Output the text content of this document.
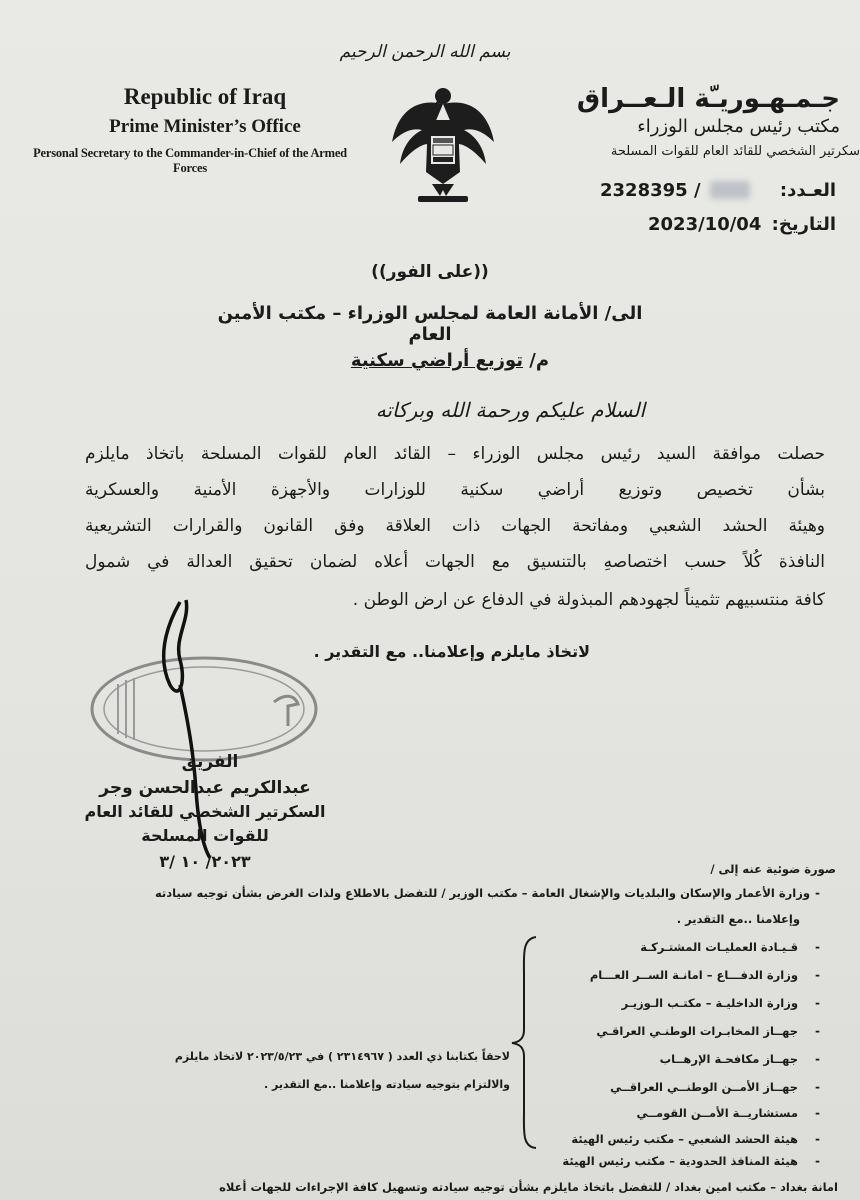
بسم الله الرحمن الرحيم
Republic of Iraq
Prime Minister’s Office
Personal Secretary to the Commander-in-Chief of the Armed Forces
جـمـهـوريـّة الـعــراق
مكتب رئيس مجلس الوزراء
سكرتير الشخصي للقائد العام للقوات المسلحة
العـدد:
2328395 /
التاريخ:
2023/10/04
((على الفور))
الى/ الأمانة العامة لمجلس الوزراء – مكتب الأمين العام
م/ توزيع أراضي سكنية
السلام عليكم ورحمة الله وبركاته
حصلت موافقة السيد رئيس مجلس الوزراء – القائد العام للقوات المسلحة باتخاذ مايلزم
بشأن تخصيص وتوزيع أراضي سكنية للوزارات والأجهزة الأمنية والعسكرية
وهيئة الحشد الشعبي ومفاتحة الجهات ذات العلاقة وفق القانون والقرارات التشريعية
النافذة كُلاً حسب اختصاصهِ بالتنسيق مع الجهات أعلاه لضمان تحقيق العدالة في شمول
كافة منتسبيهم تثميناً لجهودهم المبذولة في الدفاع عن ارض الوطن .
لاتخاذ مايلزم وإعلامنا.. مع التقدير .
الفريق
عبدالكريم عبدالحسن وجر
السكرتير الشخصي للقائد العام
للقوات المسلحة
٢٠٢٣/ ١٠ /٣	صورة ضوئية عنه إلى /
-
وزارة الأعمار والإسكان والبلديات والإشغال العامة – مكتب الوزير / للتفضل بالاطلاع ولذات الغرض بشأن توجيه سيادته
وإعلامنا ..مع التقدير .
-
قـيـادة العمليـات المشتـركـة
-
وزارة الدفـــاع – امانـة الســر العـــام
-
وزارة الداخليـة – مكتـب الـوزيـر
-
جهــاز المخابـرات الوطنـي العراقـي
-
جهــاز مكافحـة الإرهــاب
-
جهــاز الأمــن الوطنــي العراقــي
-
مستشاريــة الأمــن القومــي
-
هيئة الحشد الشعبي – مكتب رئيس الهيئة
-
هيئة المنافذ الحدودية – مكتب رئيس الهيئة
لاحقاً بكتابنا ذي العدد ( ٢٣١٤٩٦٧ ) في ٢٠٢٣/٥/٢٣ لاتخاذ مايلزم
والالتزام بتوجيه سيادته وإعلامنا ..مع التقدير .
امانة بغداد – مكتب امين بغداد / للتفضل باتخاذ مايلزم بشأن توجيه سيادته وتسهيل كافة الإجراءات للجهات أعلاه
